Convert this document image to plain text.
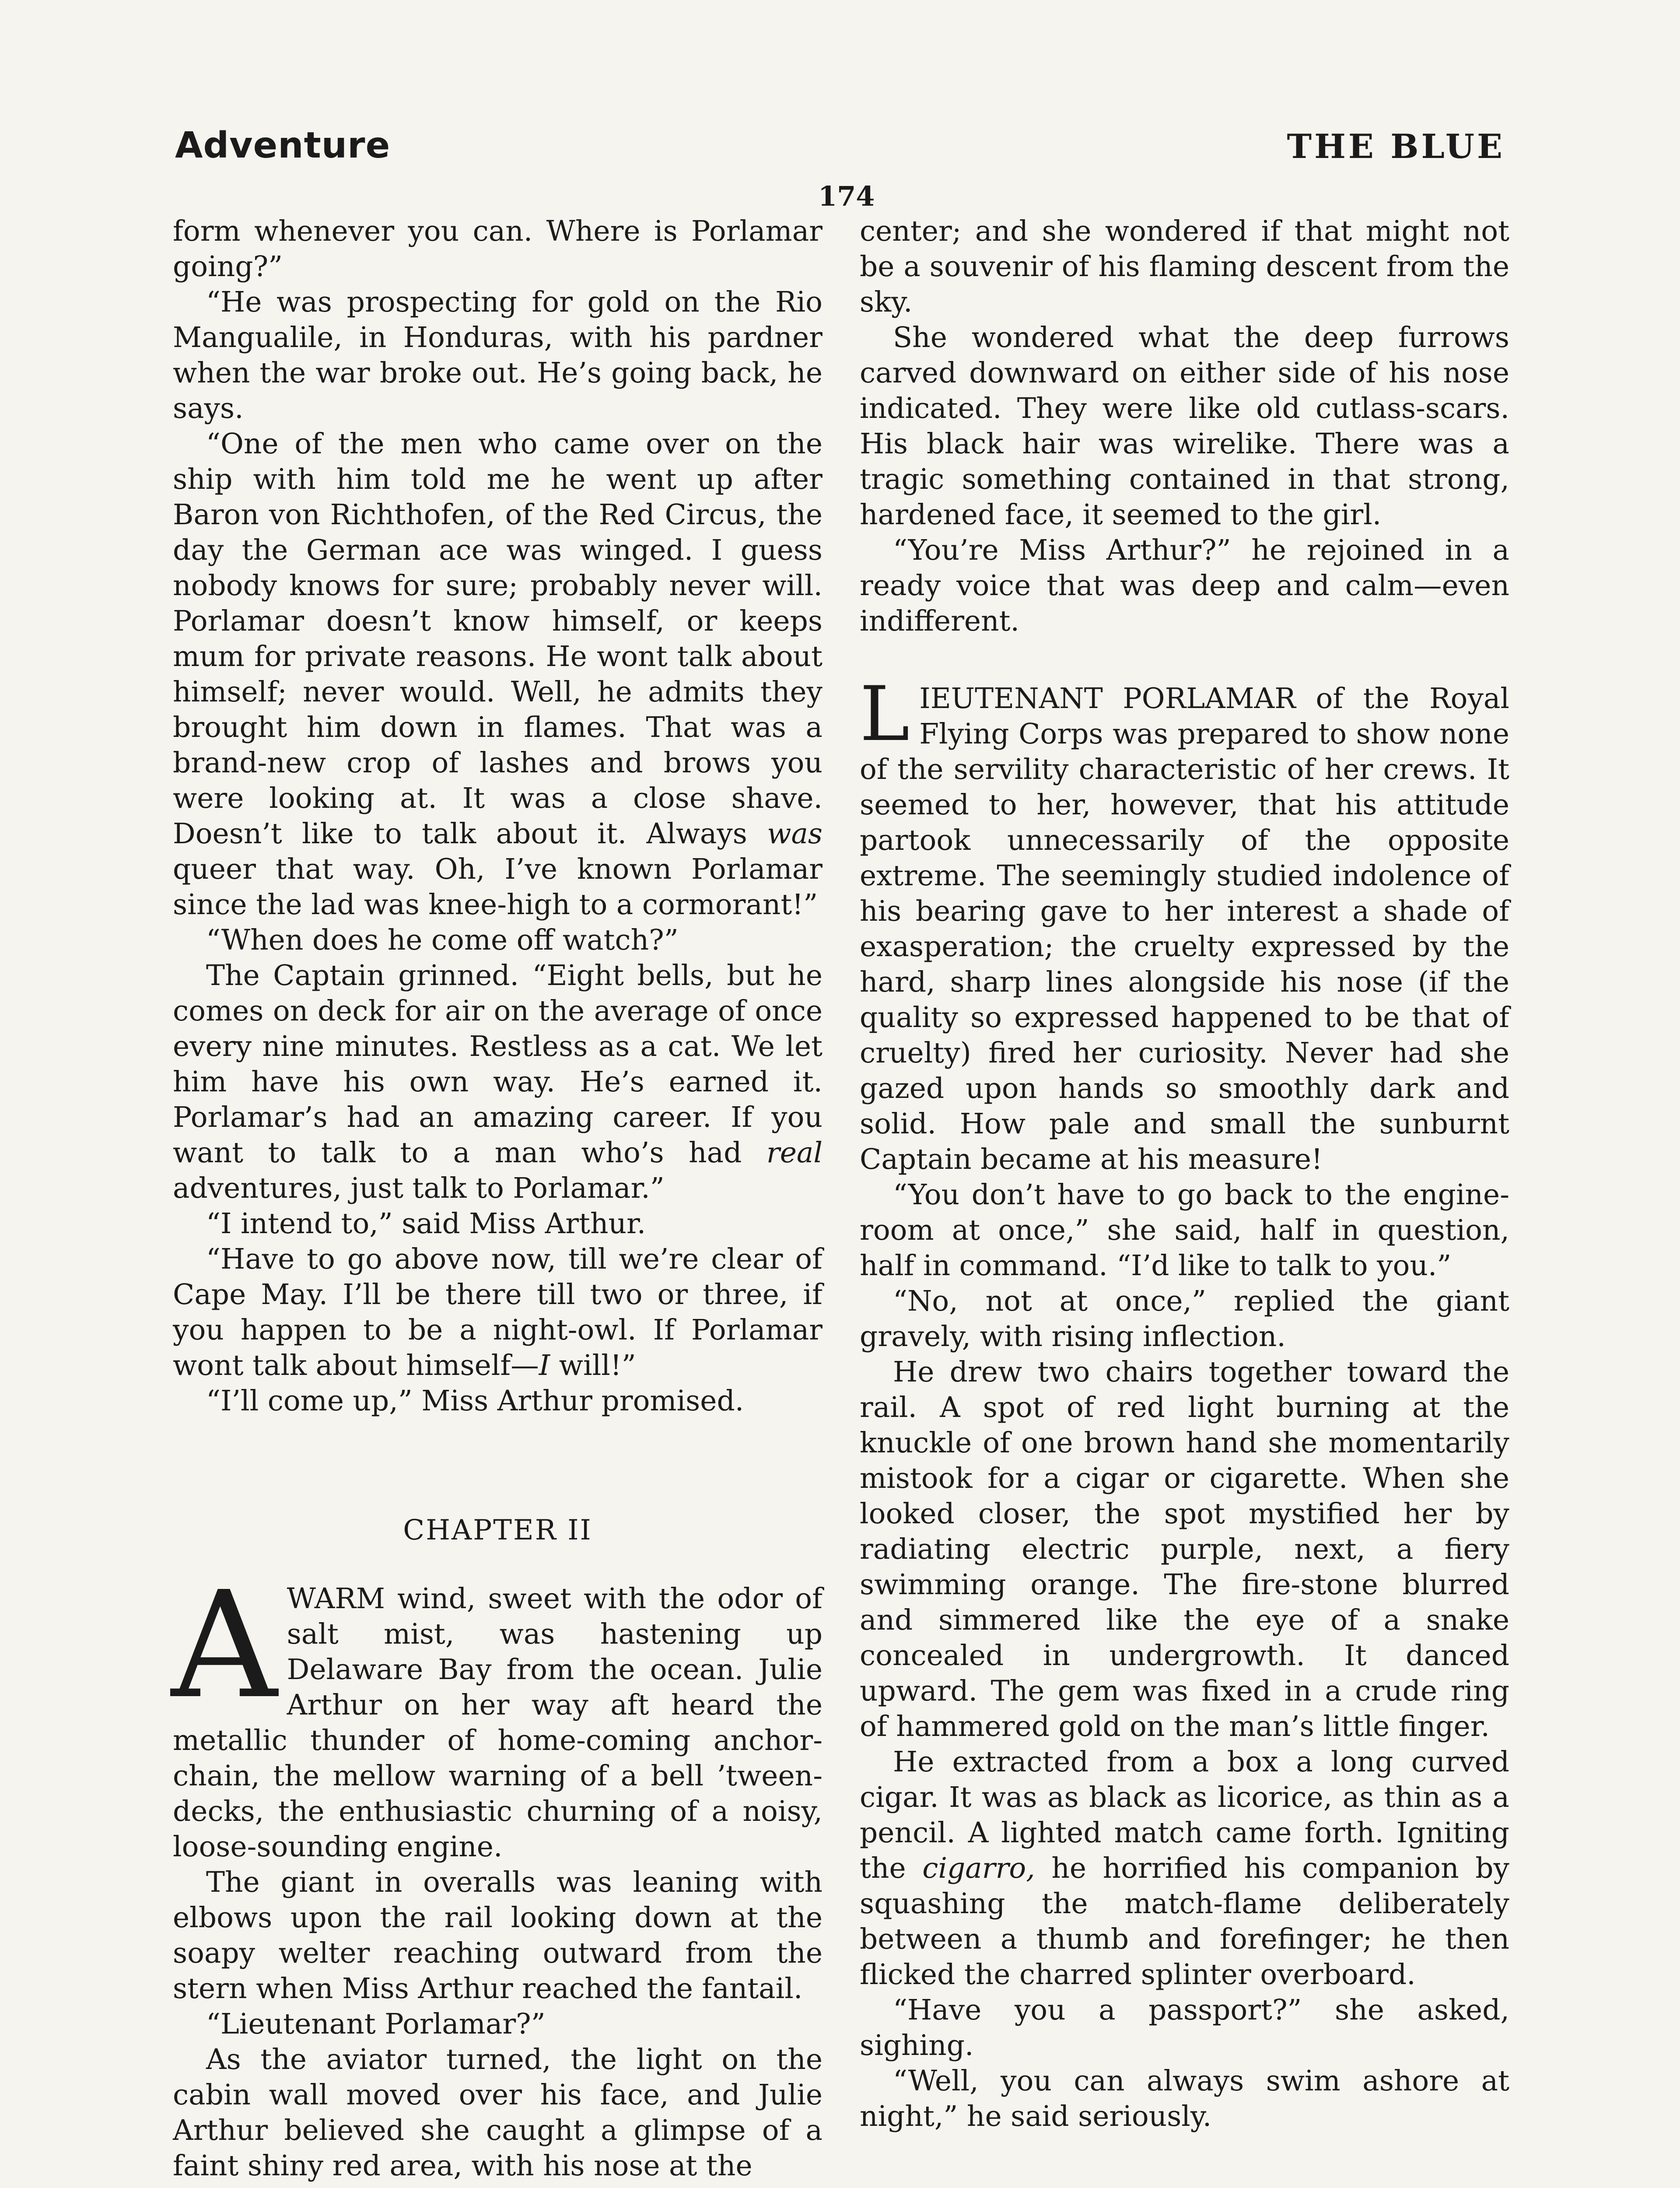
Adventure	THE BLUE
174

form whenever you can. Where is Porlamar going?”

“He was prospecting for gold on the Rio Mangualile, in Honduras, with his pardner when the war broke out. He’s going back, he says.

“One of the men who came over on the ship with him told me he went up after Baron von Richthofen, of the Red Circus, the day the German ace was winged. I guess nobody knows for sure; probably never will. Porlamar doesn’t know himself, or keeps mum for private reasons. He wont talk about himself; never would. Well, he admits they brought him down in flames. That was a brand-new crop of lashes and brows you were looking at. It was a close shave. Doesn’t like to talk about it. Always was queer that way. Oh, I’ve known Porlamar since the lad was knee-high to a cormorant!”

“When does he come off watch?”

The Captain grinned. “Eight bells, but he comes on deck for air on the average of once every nine minutes. Restless as a cat. We let him have his own way. He’s earned it. Porlamar’s had an amazing career. If you want to talk to a man who’s had real adventures, just talk to Porlamar.”

“I intend to,” said Miss Arthur.

“Have to go above now, till we’re clear of Cape May. I’ll be there till two or three, if you happen to be a night-owl. If Porlamar wont talk about himself—I will!”

“I’ll come up,” Miss Arthur promised.

CHAPTER II

AWARM wind, sweet with the odor of salt mist, was hastening up Delaware Bay from the ocean. Julie Arthur on her way aft heard the metallic thunder of home-coming anchor-chain, the mellow warning of a bell ’tween-decks, the enthusiastic churning of a noisy, loose-sounding engine.

The giant in overalls was leaning with elbows upon the rail looking down at the soapy welter reaching outward from the stern when Miss Arthur reached the fantail.

“Lieutenant Porlamar?”

As the aviator turned, the light on the cabin wall moved over his face, and Julie Arthur believed she caught a glimpse of a faint shiny red area, with his nose at the

center; and she wondered if that might not be a souvenir of his flaming descent from the sky.

She wondered what the deep furrows carved downward on either side of his nose indicated. They were like old cutlass-scars. His black hair was wirelike. There was a tragic something contained in that strong, hardened face, it seemed to the girl.

“You’re Miss Arthur?” he rejoined in a ready voice that was deep and calm—even indifferent.

LIEUTENANT PORLAMAR of the Royal Flying Corps was prepared to show none of the servility characteristic of her crews. It seemed to her, however, that his attitude partook unnecessarily of the opposite extreme. The seemingly studied indolence of his bearing gave to her interest a shade of exasperation; the cruelty expressed by the hard, sharp lines alongside his nose (if the quality so expressed happened to be that of cruelty) fired her curiosity. Never had she gazed upon hands so smoothly dark and solid. How pale and small the sunburnt Captain became at his measure!

“You don’t have to go back to the engine-room at once,” she said, half in question, half in command. “I’d like to talk to you.”

“No, not at once,” replied the giant gravely, with rising inflection.

He drew two chairs together toward the rail. A spot of red light burning at the knuckle of one brown hand she momentarily mistook for a cigar or cigarette. When she looked closer, the spot mystified her by radiating electric purple, next, a fiery swimming orange. The fire-stone blurred and simmered like the eye of a snake concealed in undergrowth. It danced upward. The gem was fixed in a crude ring of hammered gold on the man’s little finger.

He extracted from a box a long curved cigar. It was as black as licorice, as thin as a pencil. A lighted match came forth. Igniting the cigarro, he horrified his companion by squashing the match-flame deliberately between a thumb and forefinger; he then flicked the charred splinter overboard.

“Have you a passport?” she asked, sighing.

“Well, you can always swim ashore at night,” he said seriously.
